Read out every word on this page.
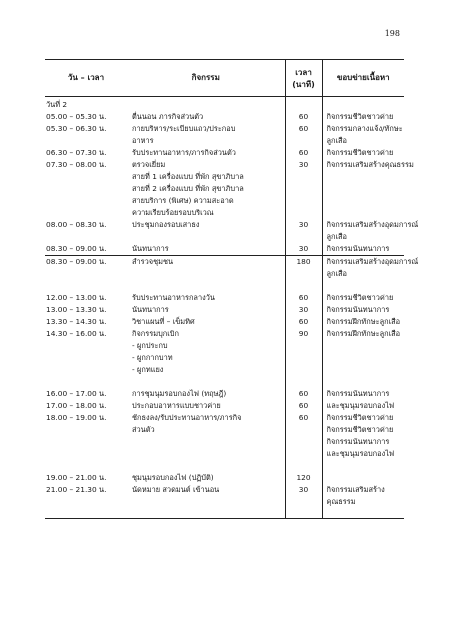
198
วัน – เวลา	กิจกรรม	เวลา
(นาที)	ขอบข่ายเนื้อหา
วันที่ 2			
05.00 – 05.30 น.	ตื่นนอน ภารกิจส่วนตัว	60	กิจกรรมชีวิตชาวค่าย

05.30 – 06.30 น.	กายบริหาร/ระเบียบแถว/ประกอบ
อาหาร	60	กิจกรรมกลางแจ้ง/ทักษะ
ลูกเสือ

06.30 – 07.30 น.	รับประทานอาหาร/ภารกิจส่วนตัว	60	กิจกรรมชีวิตชาวค่าย

07.30 – 08.00 น.	ตรวจเยี่ยม
สายที่ 1 เครื่องแบบ ที่พัก สุขาภิบาล
สายที่ 2 เครื่องแบบ ที่พัก สุขาภิบาล
สายบริการ (พิเศษ) ความสะอาด
ความเรียบร้อยรอบบริเวณ	30	กิจกรรมเสริมสร้างคุณธรรม

08.00 – 08.30 น.	ประชุมกองรอบเสาธง	30	กิจกรรมเสริมสร้างอุดมการณ์
ลูกเสือ

08.30 – 09.00 น.	นันทนาการ	30	กิจกรรมนันทนาการ

08.30 – 09.00 น.	สำรวจชุมชน	180	กิจกรรมเสริมสร้างอุดมการณ์
ลูกเสือ

12.00 – 13.00 น.	รับประทานอาหารกลางวัน	60	กิจกรรมชีวิตชาวค่าย

13.00 – 13.30 น.	นันทนาการ	30	กิจกรรมนันทนาการ

13.30 – 14.30 น.	วิชาแผนที่ – เข็มทิศ	60	กิจกรรมฝึกทักษะลูกเสือ

14.30 – 16.00 น.	กิจกรรมบุกเบิก
- ผูกประกบ
- ผูกกากบาท
- ผูกทแยง	90	กิจกรรมฝึกทักษะลูกเสือ

16.00 – 17.00 น.	การชุมนุมรอบกองไฟ (ทฤษฎี)	60	กิจกรรมนันทนาการ

17.00 – 18.00 น.	ประกอบอาหารแบบชาวค่าย	60	และชุมนุมรอบกองไฟ

18.00 – 19.00 น.	ชักธงลง/รับประทานอาหาร/ภารกิจ
ส่วนตัว	60	กิจกรรมชีวิตชาวค่าย
กิจกรรมชีวิตชาวค่าย
กิจกรรมนันทนาการ
และชุมนุมรอบกองไฟ

19.00 – 21.00 น.	ชุมนุมรอบกองไฟ (ปฏิบัติ)	120	

21.00 – 21.30 น.	นัดหมาย สวดมนต์ เข้านอน	30	กิจกรรมเสริมสร้าง
คุณธรรม
